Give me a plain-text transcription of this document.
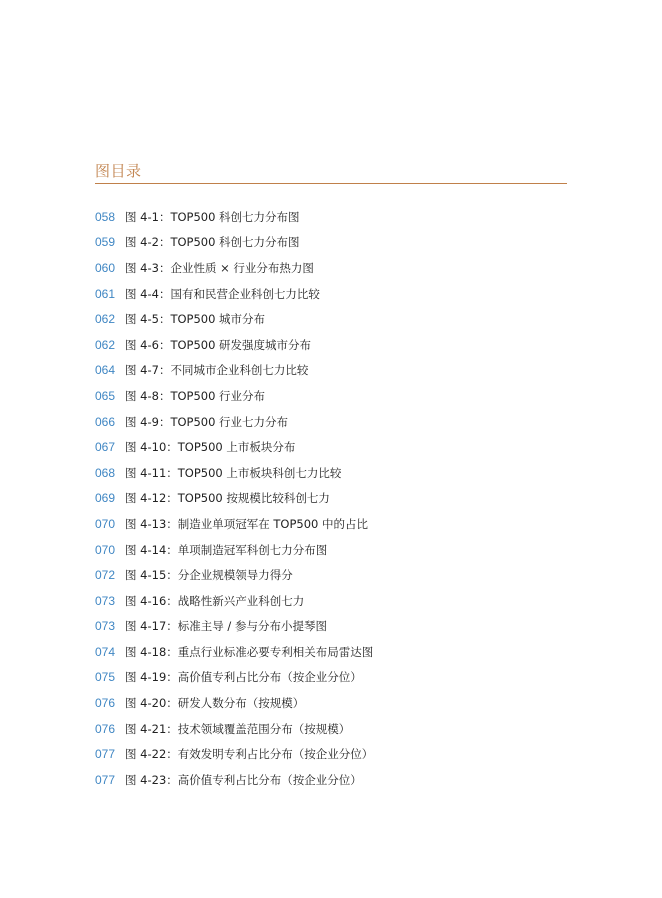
图目录
058 图 4-1：TOP500 科创七力分布图
059 图 4-2：TOP500 科创七力分布图
060 图 4-3：企业性质 × 行业分布热力图
061 图 4-4：国有和民营企业科创七力比较
062 图 4-5：TOP500 城市分布
062 图 4-6：TOP500 研发强度城市分布
064 图 4-7：不同城市企业科创七力比较
065 图 4-8：TOP500 行业分布
066 图 4-9：TOP500 行业七力分布
067 图 4-10：TOP500 上市板块分布
068 图 4-11：TOP500 上市板块科创七力比较
069 图 4-12：TOP500 按规模比较科创七力
070 图 4-13：制造业单项冠军在 TOP500 中的占比
070 图 4-14：单项制造冠军科创七力分布图
072 图 4-15：分企业规模领导力得分
073 图 4-16：战略性新兴产业科创七力
073 图 4-17：标准主导 / 参与分布小提琴图
074 图 4-18：重点行业标准必要专利相关布局雷达图
075 图 4-19：高价值专利占比分布（按企业分位）
076 图 4-20：研发人数分布（按规模）
076 图 4-21：技术领域覆盖范围分布（按规模）
077 图 4-22：有效发明专利占比分布（按企业分位）
077 图 4-23：高价值专利占比分布（按企业分位）
